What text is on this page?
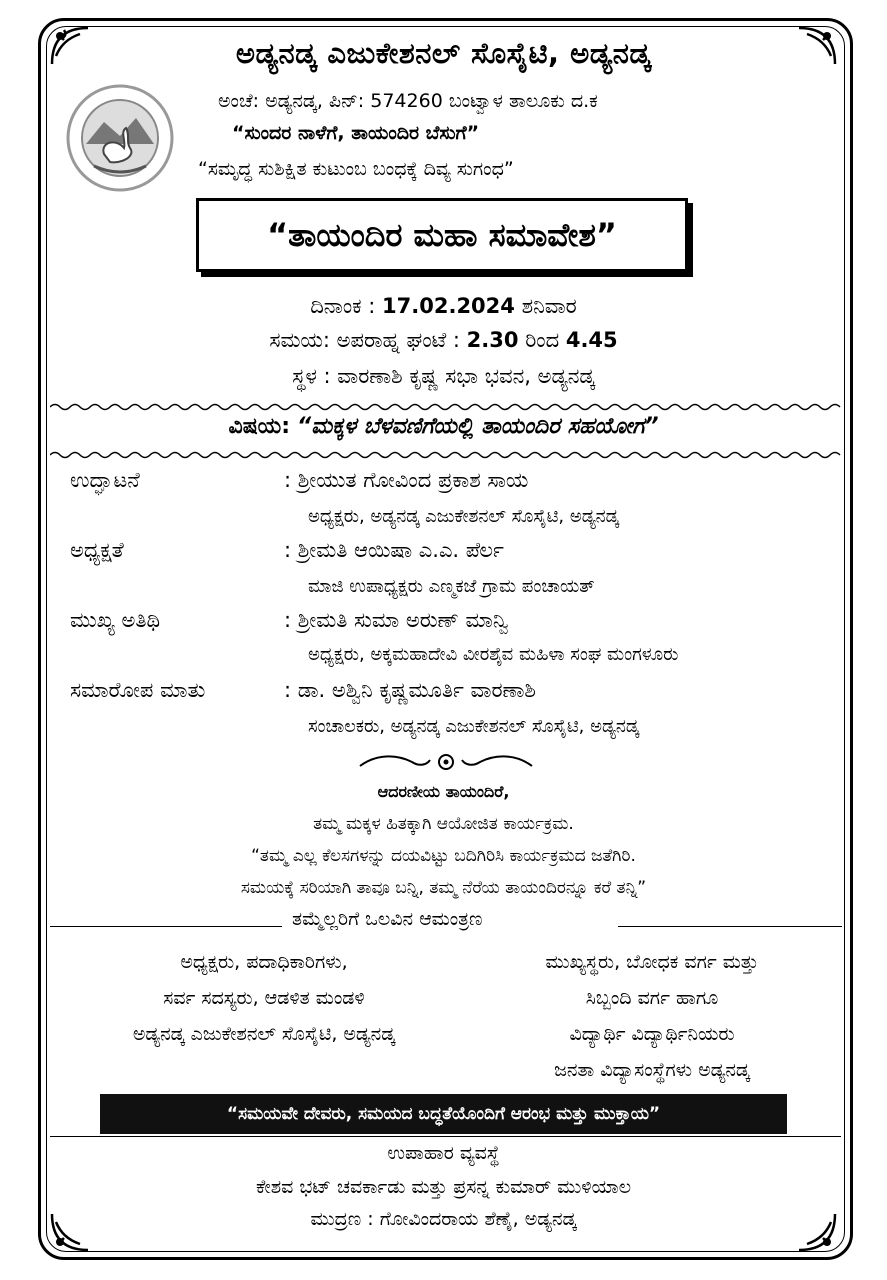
ಅಡ್ಯನಡ್ಕ ಎಜುಕೇಶನಲ್ ಸೊಸೈಟಿ, ಅಡ್ಯನಡ್ಕ
ಅಂಚೆ: ಅಡ್ಯನಡ್ಕ, ಪಿನ್: 574260 ಬಂಟ್ವಾಳ ತಾಲೂಕು ದ.ಕ
“ಸುಂದರ ನಾಳೆಗೆ, ತಾಯಂದಿರ ಬೆಸುಗೆ”
“ಸಮೃದ್ಧ ಸುಶಿಕ್ಷಿತ ಕುಟುಂಬ ಬಂಧಕ್ಕೆ ದಿವ್ಯ ಸುಗಂಧ”
“ತಾಯಂದಿರ ಮಹಾ ಸಮಾವೇಶ”
ದಿನಾಂಕ : 17.02.2024 ಶನಿವಾರ
ಸಮಯ: ಅಪರಾಹ್ನ ಘಂಟೆ : 2.30 ರಿಂದ 4.45
ಸ್ಥಳ : ವಾರಣಾಶಿ ಕೃಷ್ಣ ಸಭಾ ಭವನ, ಅಡ್ಯನಡ್ಕ
ವಿಷಯ: “ಮಕ್ಕಳ ಬೆಳವಣಿಗೆಯಲ್ಲಿ ತಾಯಂದಿರ ಸಹಯೋಗ”
ಉದ್ಘಾಟನೆ	: ಶ್ರೀಯುತ ಗೋವಿಂದ ಪ್ರಕಾಶ ಸಾಯ
ಅಧ್ಯಕ್ಷರು, ಅಡ್ಯನಡ್ಕ ಎಜುಕೇಶನಲ್ ಸೊಸೈಟಿ, ಅಡ್ಯನಡ್ಕ
ಅಧ್ಯಕ್ಷತೆ	: ಶ್ರೀಮತಿ ಆಯಿಷಾ ಎ.ಎ. ಪೆರ್ಲ
ಮಾಜಿ ಉಪಾಧ್ಯಕ್ಷರು ಎಣ್ಮಕಜೆ ಗ್ರಾಮ ಪಂಚಾಯತ್
ಮುಖ್ಯ ಅತಿಥಿ	: ಶ್ರೀಮತಿ ಸುಮಾ ಅರುಣ್ ಮಾನ್ವಿ
ಅಧ್ಯಕ್ಷರು, ಅಕ್ಕಮಹಾದೇವಿ ವೀರಶೈವ ಮಹಿಳಾ ಸಂಘ ಮಂಗಳೂರು
ಸಮಾರೋಪ ಮಾತು	: ಡಾ. ಅಶ್ವಿನಿ ಕೃಷ್ಣಮೂರ್ತಿ ವಾರಣಾಶಿ
ಸಂಚಾಲಕರು, ಅಡ್ಯನಡ್ಕ ಎಜುಕೇಶನಲ್ ಸೊಸೈಟಿ, ಅಡ್ಯನಡ್ಕ
ಆದರಣೀಯ ತಾಯಂದಿರೆ,
ತಮ್ಮ ಮಕ್ಕಳ ಹಿತಕ್ಕಾಗಿ ಆಯೋಜಿತ ಕಾರ್ಯಕ್ರಮ.
“ತಮ್ಮ ಎಲ್ಲ ಕೆಲಸಗಳನ್ನು ದಯವಿಟ್ಟು ಬದಿಗಿರಿಸಿ ಕಾರ್ಯಕ್ರಮದ ಜತೆಗಿರಿ.
ಸಮಯಕ್ಕೆ ಸರಿಯಾಗಿ ತಾವೂ ಬನ್ನಿ, ತಮ್ಮ ನೆರೆಯ ತಾಯಂದಿರನ್ನೂ ಕರೆ ತನ್ನಿ”
ತಮ್ಮೆಲ್ಲರಿಗೆ ಒಲವಿನ ಆಮಂತ್ರಣ
ಅಧ್ಯಕ್ಷರು, ಪದಾಧಿಕಾರಿಗಳು,
ಸರ್ವ ಸದಸ್ಯರು, ಆಡಳಿತ ಮಂಡಳಿ
ಅಡ್ಯನಡ್ಕ ಎಜುಕೇಶನಲ್ ಸೊಸೈಟಿ, ಅಡ್ಯನಡ್ಕ
ಮುಖ್ಯಸ್ಥರು, ಬೋಧಕ ವರ್ಗ ಮತ್ತು
ಸಿಬ್ಬಂದಿ ವರ್ಗ ಹಾಗೂ
ವಿದ್ಯಾರ್ಥಿ ವಿದ್ಯಾರ್ಥಿನಿಯರು
ಜನತಾ ವಿದ್ಯಾಸಂಸ್ಥೆಗಳು ಅಡ್ಯನಡ್ಕ
“ಸಮಯವೇ ದೇವರು, ಸಮಯದ ಬದ್ಧತೆಯೊಂದಿಗೆ ಆರಂಭ ಮತ್ತು ಮುಕ್ತಾಯ”
ಉಪಾಹಾರ ವ್ಯವಸ್ಥೆ
ಕೇಶವ ಭಟ್ ಚವರ್ಕಾಡು ಮತ್ತು ಪ್ರಸನ್ನ ಕುಮಾರ್ ಮುಳಿಯಾಲ
ಮುದ್ರಣ : ಗೋವಿಂದರಾಯ ಶೆಣೈ, ಅಡ್ಯನಡ್ಕ
